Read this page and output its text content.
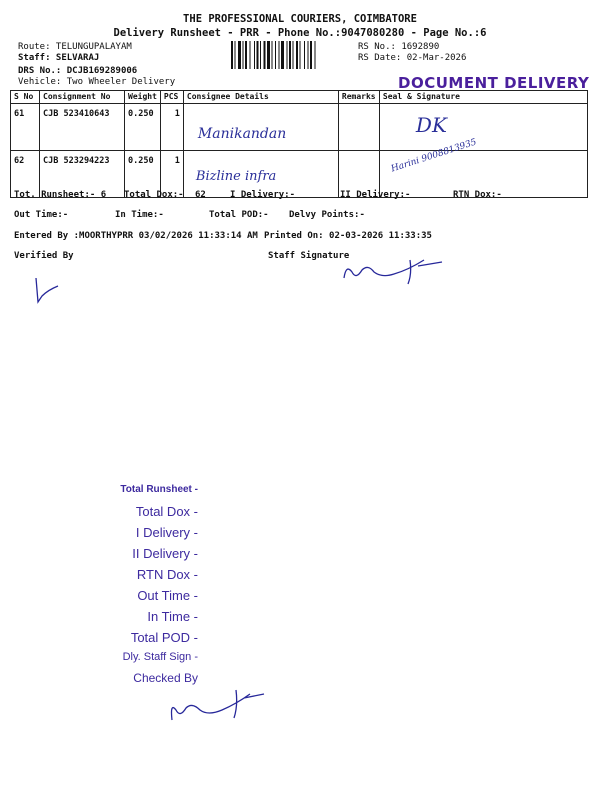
THE PROFESSIONAL COURIERS, COIMBATORE
Delivery Runsheet - PRR - Phone No.:9047080280 - Page No.:6
Route: TELUNGUPALAYAM
Staff: SELVARAJ
DRS No.: DCJB169289006
Vehicle: Two Wheeler Delivery
RS No.: 1692890
RS Date: 02-Mar-2026
DOCUMENT DELIVERY
S No	Consignment No	Weight	PCS	Consignee Details	Remarks	Seal & Signature
61	CJB 523410643	0.250	1	Manikandan		DK

62	CJB 523294223	0.250	1	Bizline infra		Harini 9008813935
Tot. Runsheet:- 6 Total Dox:- 62	I Delivery:-	II Delivery:-	RTN Dox:-
Out Time:-	In Time:-	Total POD:- Delvy Points:-
Entered By :MOORTHYPRR 03/02/2026 11:33:14 AM Printed On: 02-03-2026 11:33:35
Verified By	Staff Signature
Total Runsheet -
Total Dox -
I Delivery -
II Delivery -
RTN Dox -
Out Time -
In Time -
Total POD -
Dly. Staff Sign -
Checked By
